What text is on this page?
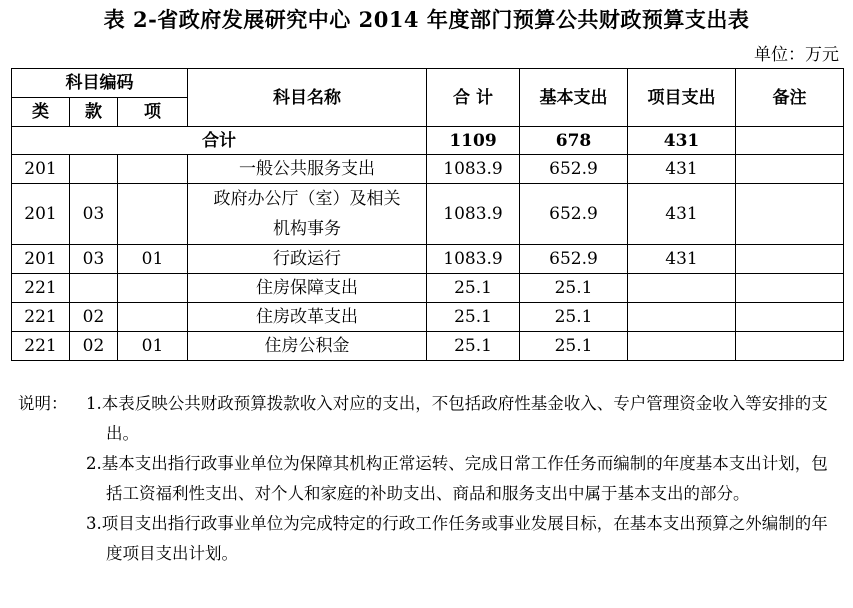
表 2-省政府发展研究中心 2014 年度部门预算公共财政预算支出表
单位：万元
科目编码			科目名称	合 计	基本支出	项目支出	备注
类	款	项					
合计				1109	678	431	
201			一般公共服务支出	1083.9	652.9	431	
201	03		政府办公厅（室）及相关机构事务	1083.9	652.9	431	
201	03	01	行政运行	1083.9	652.9	431	
221			住房保障支出	25.1	25.1		
221	02		住房改革支出	25.1	25.1		
221	02	01	住房公积金	25.1	25.1		
说明： 1.本表反映公共财政预算拨款收入对应的支出，不包括政府性基金收入、专户管理资金收入等安排的支出。
2.基本支出指行政事业单位为保障其机构正常运转、完成日常工作任务而编制的年度基本支出计划，包括工资福利性支出、对个人和家庭的补助支出、商品和服务支出中属于基本支出的部分。
3.项目支出指行政事业单位为完成特定的行政工作任务或事业发展目标，在基本支出预算之外编制的年度项目支出计划。
